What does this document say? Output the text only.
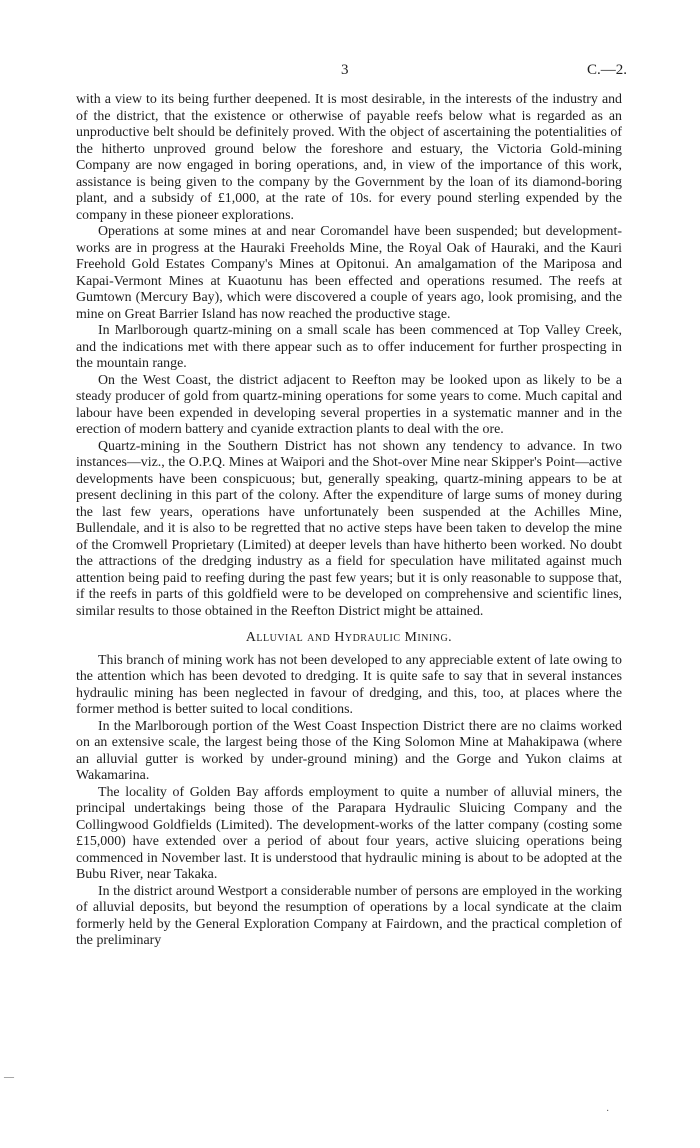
3	C.—2.

with a view to its being further deepened. It is most desirable, in the interests of the industry and of the district, that the existence or otherwise of payable reefs below what is regarded as an unproductive belt should be definitely proved. With the object of ascertaining the potentialities of the hitherto unproved ground below the foreshore and estuary, the Victoria Gold-mining Company are now engaged in boring operations, and, in view of the importance of this work, assistance is being given to the company by the Government by the loan of its diamond-boring plant, and a subsidy of £1,000, at the rate of 10s. for every pound sterling expended by the company in these pioneer explorations.

Operations at some mines at and near Coromandel have been suspended; but development-works are in progress at the Hauraki Freeholds Mine, the Royal Oak of Hauraki, and the Kauri Freehold Gold Estates Company's Mines at Opitonui. An amalgamation of the Mariposa and Kapai-Vermont Mines at Kuaotunu has been effected and operations resumed. The reefs at Gumtown (Mercury Bay), which were discovered a couple of years ago, look promising, and the mine on Great Barrier Island has now reached the productive stage.

In Marlborough quartz-mining on a small scale has been commenced at Top Valley Creek, and the indications met with there appear such as to offer inducement for further prospecting in the mountain range.

On the West Coast, the district adjacent to Reefton may be looked upon as likely to be a steady producer of gold from quartz-mining operations for some years to come. Much capital and labour have been expended in developing several properties in a systematic manner and in the erection of modern battery and cyanide extraction plants to deal with the ore.

Quartz-mining in the Southern District has not shown any tendency to advance. In two instances—viz., the O.P.Q. Mines at Waipori and the Shot-over Mine near Skipper's Point—active developments have been conspicuous; but, generally speaking, quartz-mining appears to be at present declining in this part of the colony. After the expenditure of large sums of money during the last few years, operations have unfortunately been suspended at the Achilles Mine, Bullendale, and it is also to be regretted that no active steps have been taken to develop the mine of the Cromwell Proprietary (Limited) at deeper levels than have hitherto been worked. No doubt the attractions of the dredging industry as a field for speculation have militated against much attention being paid to reefing during the past few years; but it is only reasonable to suppose that, if the reefs in parts of this goldfield were to be developed on comprehensive and scientific lines, similar results to those obtained in the Reefton District might be attained.

Alluvial and Hydraulic Mining.

This branch of mining work has not been developed to any appreciable extent of late owing to the attention which has been devoted to dredging. It is quite safe to say that in several instances hydraulic mining has been neglected in favour of dredging, and this, too, at places where the former method is better suited to local conditions.

In the Marlborough portion of the West Coast Inspection District there are no claims worked on an extensive scale, the largest being those of the King Solomon Mine at Mahakipawa (where an alluvial gutter is worked by under-ground mining) and the Gorge and Yukon claims at Wakamarina.

The locality of Golden Bay affords employment to quite a number of alluvial miners, the principal undertakings being those of the Parapara Hydraulic Sluicing Company and the Collingwood Goldfields (Limited). The development-works of the latter company (costing some £15,000) have extended over a period of about four years, active sluicing operations being commenced in November last. It is understood that hydraulic mining is about to be adopted at the Bubu River, near Takaka.

In the district around Westport a considerable number of persons are employed in the working of alluvial deposits, but beyond the resumption of operations by a local syndicate at the claim formerly held by the General Exploration Company at Fairdown, and the practical completion of the preliminary

—
·
